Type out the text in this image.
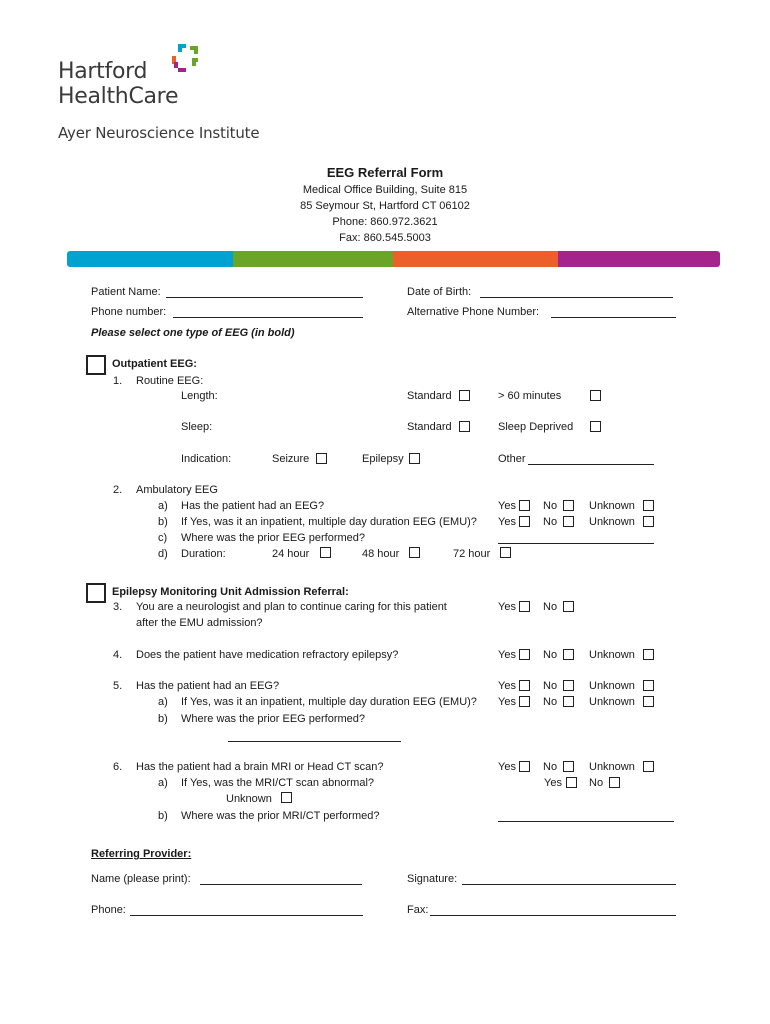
Hartford
HealthCare
Ayer Neuroscience Institute
EEG Referral Form
Medical Office Building, Suite 815
85 Seymour St, Hartford CT 06102
Phone: 860.972.3621
Fax: 860.545.5003
Patient Name:	Date of Birth:
Phone number:	Alternative Phone Number:
Please select one type of EEG (in bold)
Outpatient EEG:
1. Routine EEG:
Length:	Standard	> 60 minutes
Sleep:	Standard	Sleep Deprived
Indication:	Seizure	Epilepsy	Other
2. Ambulatory EEG
a) Has the patient had an EEG?	Yes No	Unknown
b) If Yes, was it an inpatient, multiple day duration EEG (EMU)? Yes No	Unknown
c) Where was the prior EEG performed?
d) Duration:	24 hour	48 hour	72 hour
Epilepsy Monitoring Unit Admission Referral:
3. You are a neurologist and plan to continue caring for this patient
after the EMU admission?
Yes No
4. Does the patient have medication refractory epilepsy?	Yes No	Unknown
5. Has the patient had an EEG?	Yes No	Unknown
a) If Yes, was it an inpatient, multiple day duration EEG (EMU)? Yes No	Unknown
b) Where was the prior EEG performed?
6. Has the patient had a brain MRI or Head CT scan?	Yes No	Unknown
a) If Yes, was the MRI/CT scan abnormal?	Yes No
Unknown
b) Where was the prior MRI/CT performed?
Referring Provider:
Name (please print):	Signature:
Phone:	Fax:
